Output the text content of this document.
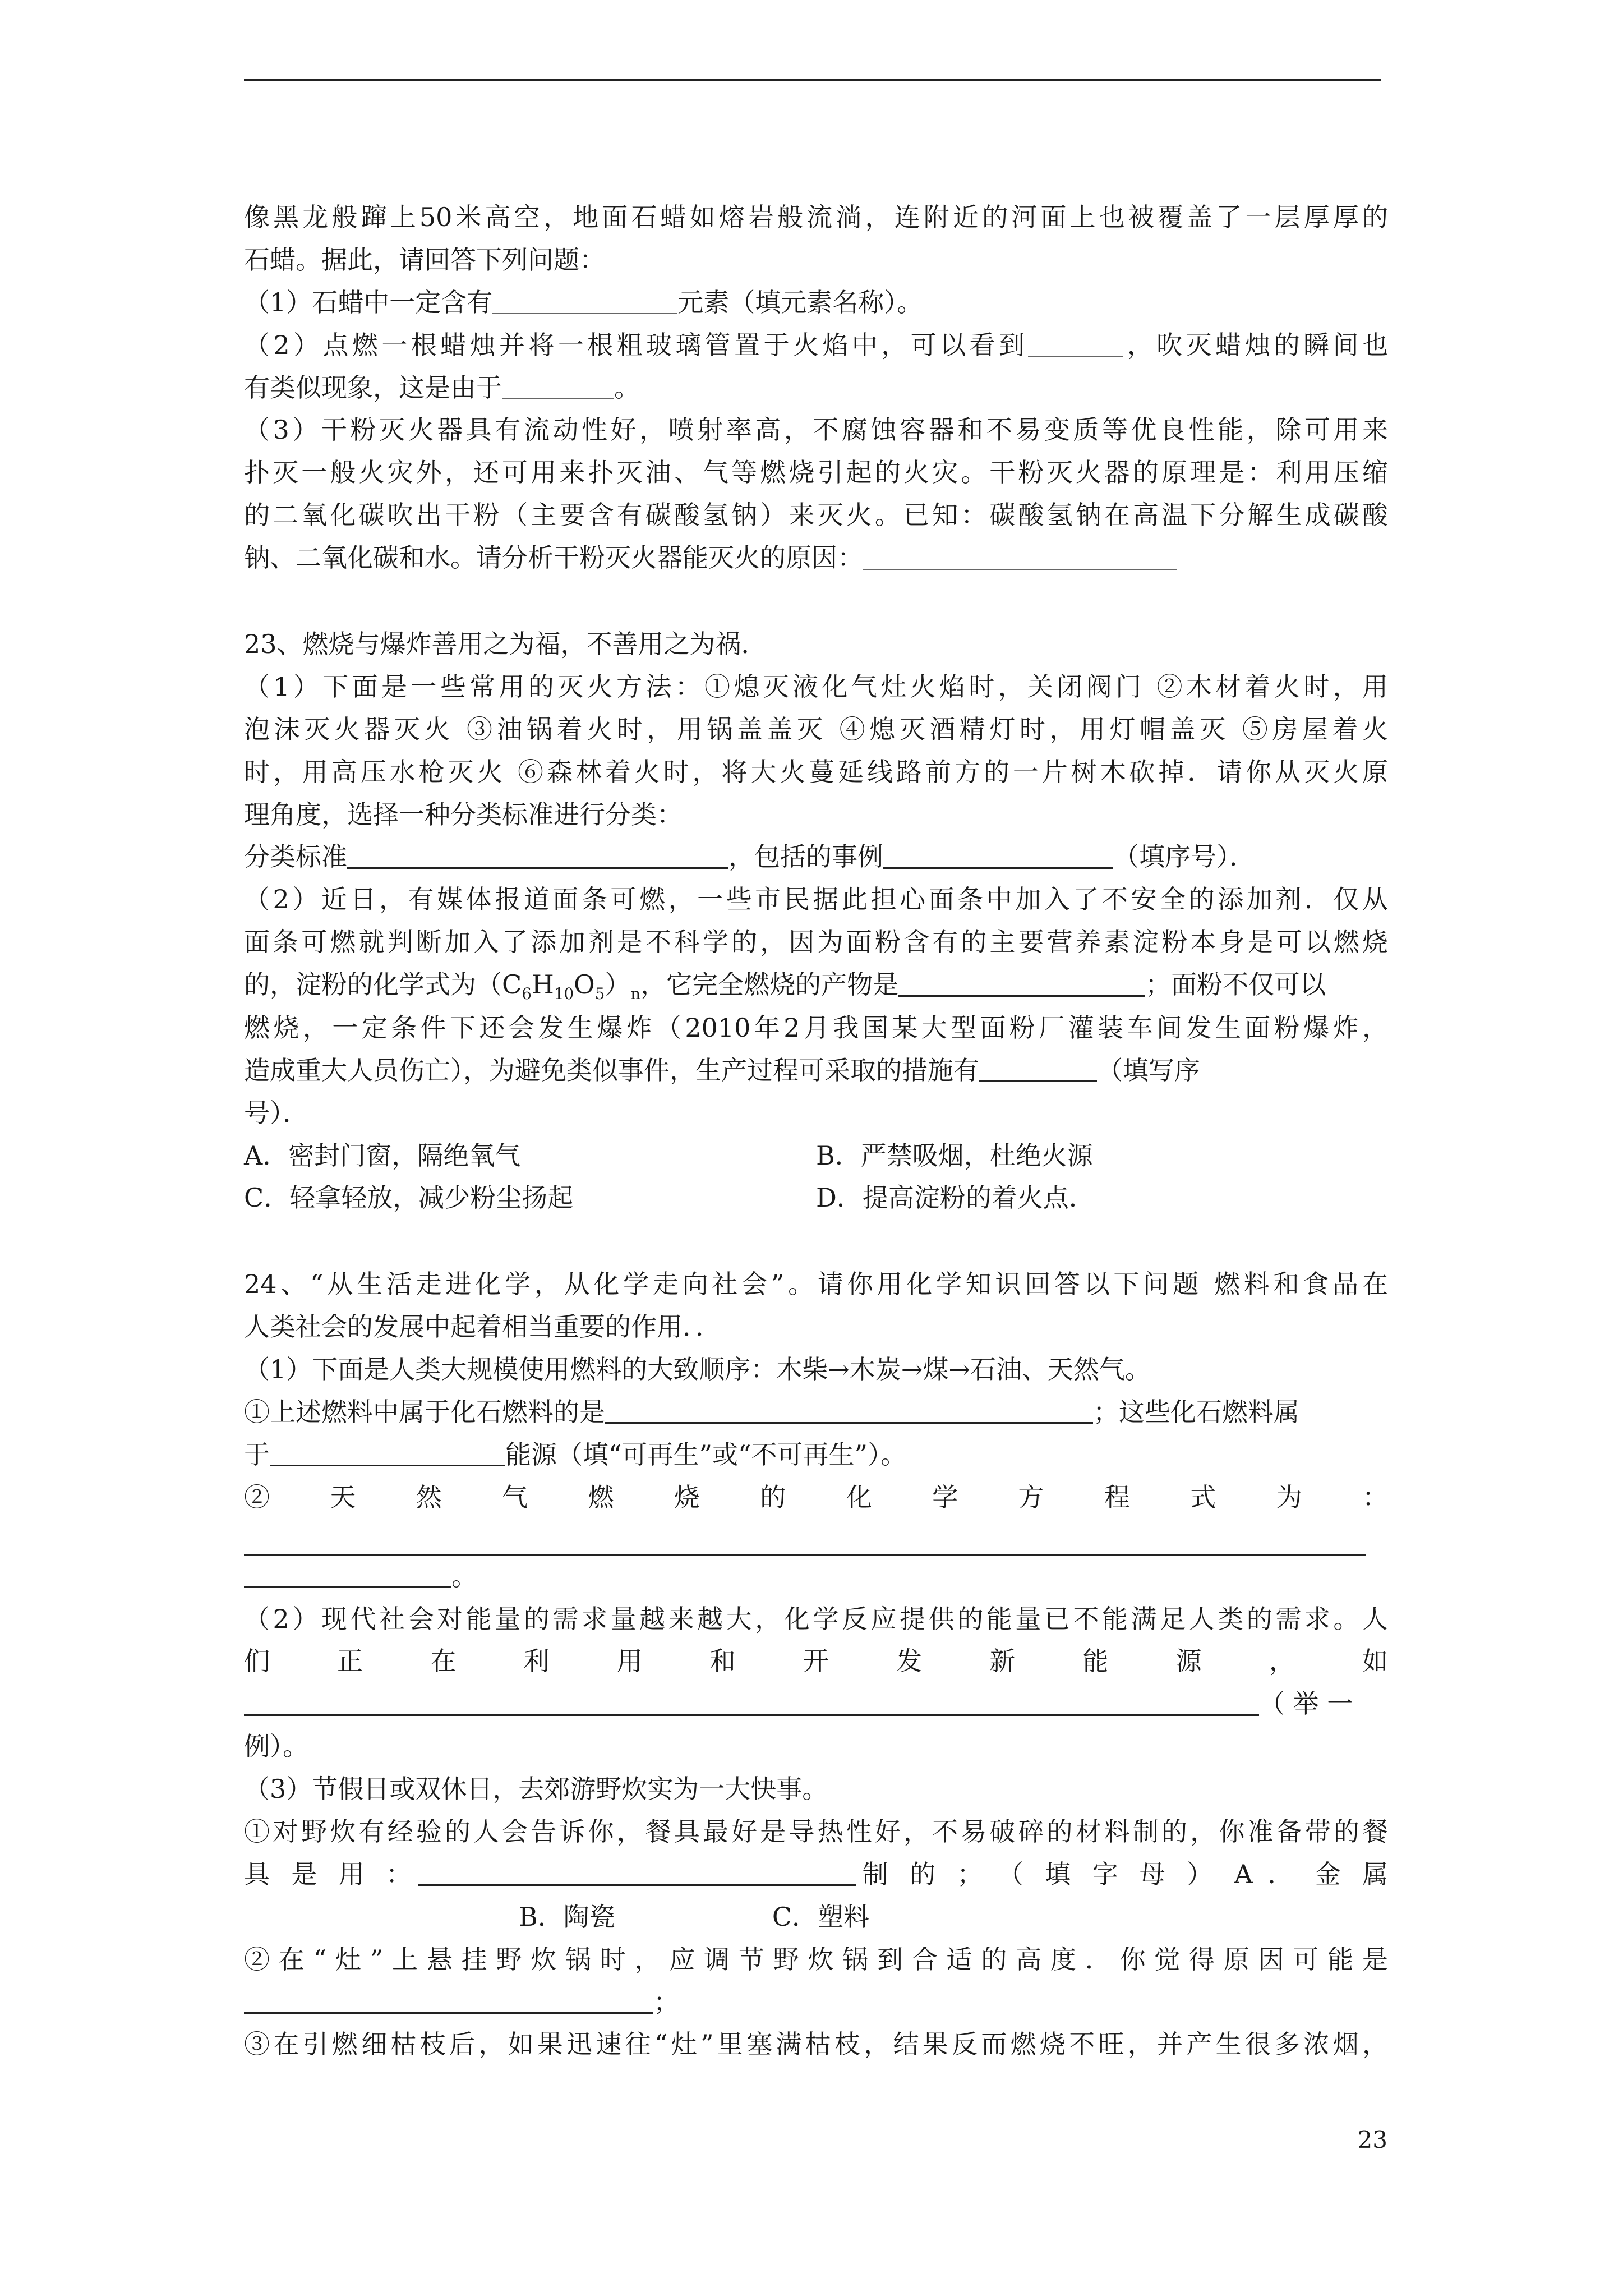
像黑龙般蹿上50米高空，地面石蜡如熔岩般流淌，连附近的河面上也被覆盖了一层厚厚的

石蜡。据此，请回答下列问题：

（1）石蜡中一定含有	元素（填元素名称）。

（2）点燃一根蜡烛并将一根粗玻璃管置于火焰中，可以看到	，吹灭蜡烛的瞬间也

有类似现象，这是由于	。

（3）干粉灭火器具有流动性好，喷射率高，不腐蚀容器和不易变质等优良性能，除可用来

扑灭一般火灾外，还可用来扑灭油、气等燃烧引起的火灾。干粉灭火器的原理是：利用压缩

的二氧化碳吹出干粉（主要含有碳酸氢钠）来灭火。已知：碳酸氢钠在高温下分解生成碳酸

钠、二氧化碳和水。请分析干粉灭火器能灭火的原因：

23、燃烧与爆炸善用之为福，不善用之为祸．

（1）下面是一些常用的灭火方法：①熄灭液化气灶火焰时，关闭阀门 ②木材着火时，用

泡沫灭火器灭火 ③油锅着火时，用锅盖盖灭 ④熄灭酒精灯时，用灯帽盖灭 ⑤房屋着火

时，用高压水枪灭火 ⑥森林着火时，将大火蔓延线路前方的一片树木砍掉．请你从灭火原

理角度，选择一种分类标准进行分类：

分类标准	，包括的事例	（填序号）．

（2）近日，有媒体报道面条可燃，一些市民据此担心面条中加入了不安全的添加剂．仅从

面条可燃就判断加入了添加剂是不科学的，因为面粉含有的主要营养素淀粉本身是可以燃烧

的，淀粉的化学式为$(C_6H_{10}O_5)_n$，它完全燃烧的产物是	；面粉不仅可以

燃烧，一定条件下还会发生爆炸（2010年2月我国某大型面粉厂灌装车间发生面粉爆炸，

造成重大人员伤亡），为避免类似事件，生产过程可采取的措施有	（填写序

号）．

A．密封门窗，隔绝氧气	B．严禁吸烟，杜绝火源
C．轻拿轻放，减少粉尘扬起	D．提高淀粉的着火点．

24、“从生活走进化学，从化学走向社会”。请你用化学知识回答以下问题 燃料和食品在

人类社会的发展中起着相当重要的作用．．

（1）下面是人类大规模使用燃料的大致顺序：木柴→木炭→煤→石油、天然气。

①上述燃料中属于化石燃料的是	；这些化石燃料属

于	能源（填“可再生”或“不可再生”）。

② 天 然 气 燃 烧 的 化 学 方 程 式 为 ：

。

（2）现代社会对能量的需求量越来越大，化学反应提供的能量已不能满足人类的需求。人

们 正 在 利 用 和 开 发 新 能 源 ， 如

（ 举 一

例）。

（3）节假日或双休日，去郊游野炊实为一大快事。

①对野炊有经验的人会告诉你，餐具最好是导热性好，不易破碎的材料制的，你准备带的餐

具 是 用 ：	制 的 ； （ 填 字 母 ） A ． 金 属

B．陶瓷	C．塑料

②在“灶”上悬挂野炊锅时，应调节野炊锅到合适的高度．你觉得原因可能是

；

③在引燃细枯枝后，如果迅速往“灶”里塞满枯枝，结果反而燃烧不旺，并产生很多浓烟，

23
